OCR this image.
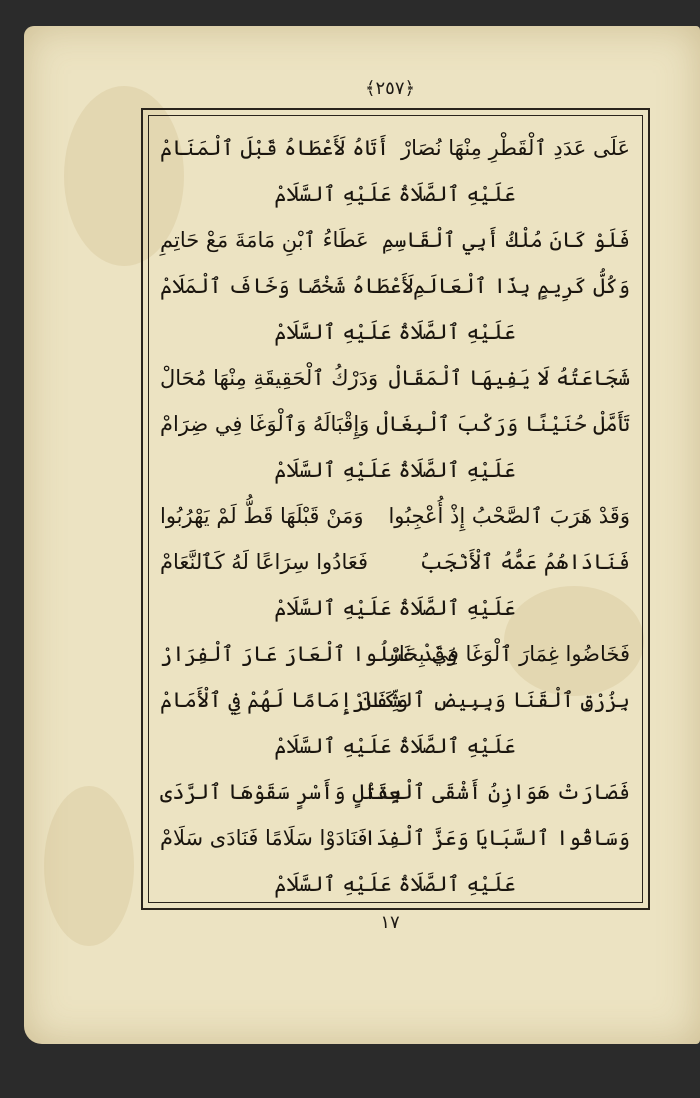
﴿٢٥٧﴾
عَلَى عَدَدِ ٱلْقَطْرِ مِنْهَا نُصَارْ
أَتَاهُ لَأَعْطَاهُ قَبْلَ ٱلْمَنَامْ
عَلَيْهِ ٱلصَّلَاةُ عَلَيْهِ ٱلسَّلَامْ
فَلَوْ كَانَ مُلْكُ أَبِي ٱلْقَاسِمِ
عَطَاءُ ٱبْنِ مَامَةَ مَعْ حَاتِمِ
وَكُلُّ كَرِيمٍ بِذَا ٱلْعَالَمِ
لَأَعْطَاهُ شَخْصًا وَخَافَ ٱلْمَلَامْ
عَلَيْهِ ٱلصَّلَاةُ عَلَيْهِ ٱلسَّلَامْ
شَجَاعَتُهُ لَا يَفِيهَا ٱلْمَقَالْ
وَدَرْكُ ٱلْحَقِيقَةِ مِنْهَا مُحَالْ
تَأَمَّلْ حُنَيْنًا وَرَكْبَ ٱلْبِغَالْ
وَإِقْبَالَهُ وَٱلْوَغَا فِي ضِرَامْ
عَلَيْهِ ٱلصَّلَاةُ عَلَيْهِ ٱلسَّلَامْ
وَقَدْ هَرَبَ ٱلصَّحْبُ إِذْ أُعْجِبُوا
وَمَنْ قَبْلَهَا قَطُّ لَمْ يَهْرُبُوا
فَنَادَاهُمُ عَمُّهُ ٱلْأَنْجَبُ
فَعَادُوا سِرَاعًا لَهُ كَٱلنَّعَامْ
عَلَيْهِ ٱلصَّلَاةُ عَلَيْهِ ٱلسَّلَامْ
فَخَاضُوا غِمَارَ ٱلْوَغَا فِي بِحَارْ
وَقَدْ غَسَلُوا ٱلْعَارَ عَارَ ٱلْفِرَارْ
بِزُرْقِ ٱلْقَنَا وَبِبِيضِ ٱلشِّفَارْ
وَكَانَ إِمَامًا لَهُمْ فِي ٱلْأَمَامْ
عَلَيْهِ ٱلصَّلَاةُ عَلَيْهِ ٱلسَّلَامْ
فَصَارَتْ هَوَازِنُ أَشْقَى ٱلْعِدَا
بِقَتْلٍ وَأَسْرٍ سَقَوْهَا ٱلرَّدَى
وَسَاقُوا ٱلسَّبَايَا وَعَزَّ ٱلْفِدَا
فَنَادَوْا سَلَامًا فَنَادَى سَلَامْ
عَلَيْهِ ٱلصَّلَاةُ عَلَيْهِ ٱلسَّلَامْ
١٧
